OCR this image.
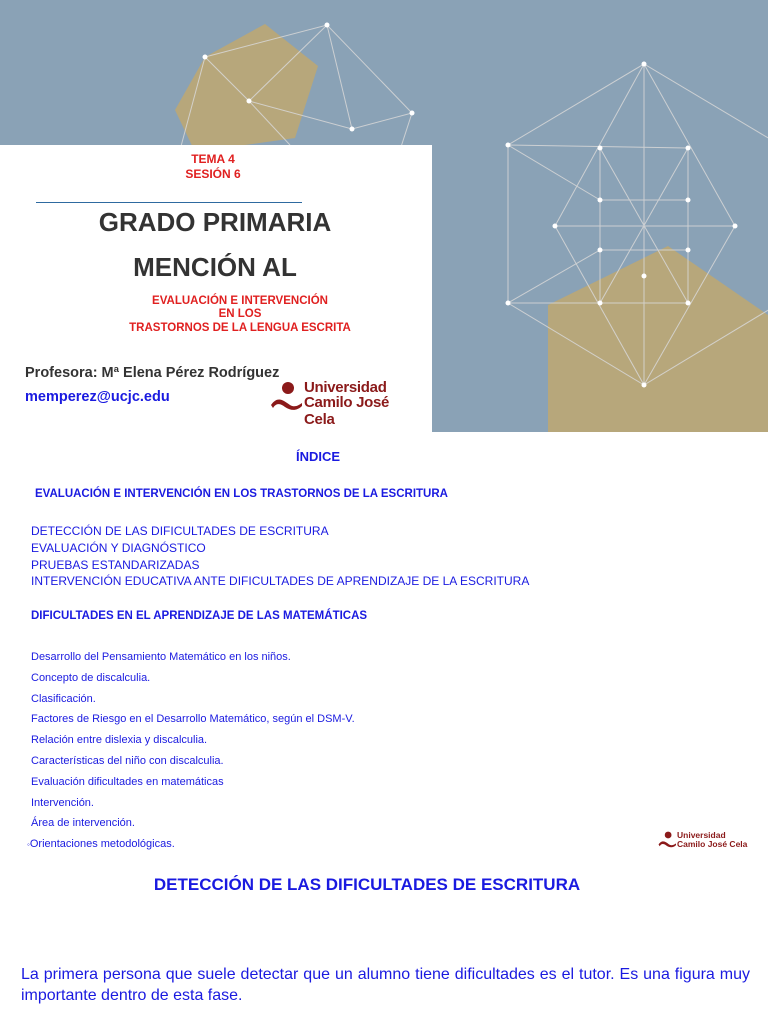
TEMA 4
SESIÓN 6
GRADO PRIMARIA
MENCIÓN AL
EVALUACIÓN E INTERVENCIÓN
EN LOS
TRASTORNOS DE LA LENGUA ESCRITA
Profesora: Mª Elena Pérez Rodríguez
memperez@ucjc.edu
Universidad
Camilo José Cela
ÍNDICE
EVALUACIÓN E INTERVENCIÓN EN LOS TRASTORNOS DE LA ESCRITURA
DETECCIÓN DE LAS DIFICULTADES DE ESCRITURA
EVALUACIÓN Y DIAGNÓSTICO
PRUEBAS ESTANDARIZADAS
INTERVENCIÓN EDUCATIVA ANTE DIFICULTADES DE APRENDIZAJE DE LA ESCRITURA
DIFICULTADES EN EL APRENDIZAJE DE LAS MATEMÁTICAS
Desarrollo del Pensamiento Matemático en los niños.
Concepto de discalculia.
Clasificación.
Factores de Riesgo en el Desarrollo Matemático, según el DSM-V.
Relación entre dislexia y discalculia.
Características del niño con discalculia.
Evaluación dificultades en matemáticas
Intervención.
Área de intervención.
◦ Orientaciones metodológicas.
Universidad
Camilo José Cela
DETECCIÓN DE LAS DIFICULTADES DE ESCRITURA
La primera persona que suele detectar que un alumno tiene dificultades es el tutor. Es una figura muy importante dentro de esta fase.
